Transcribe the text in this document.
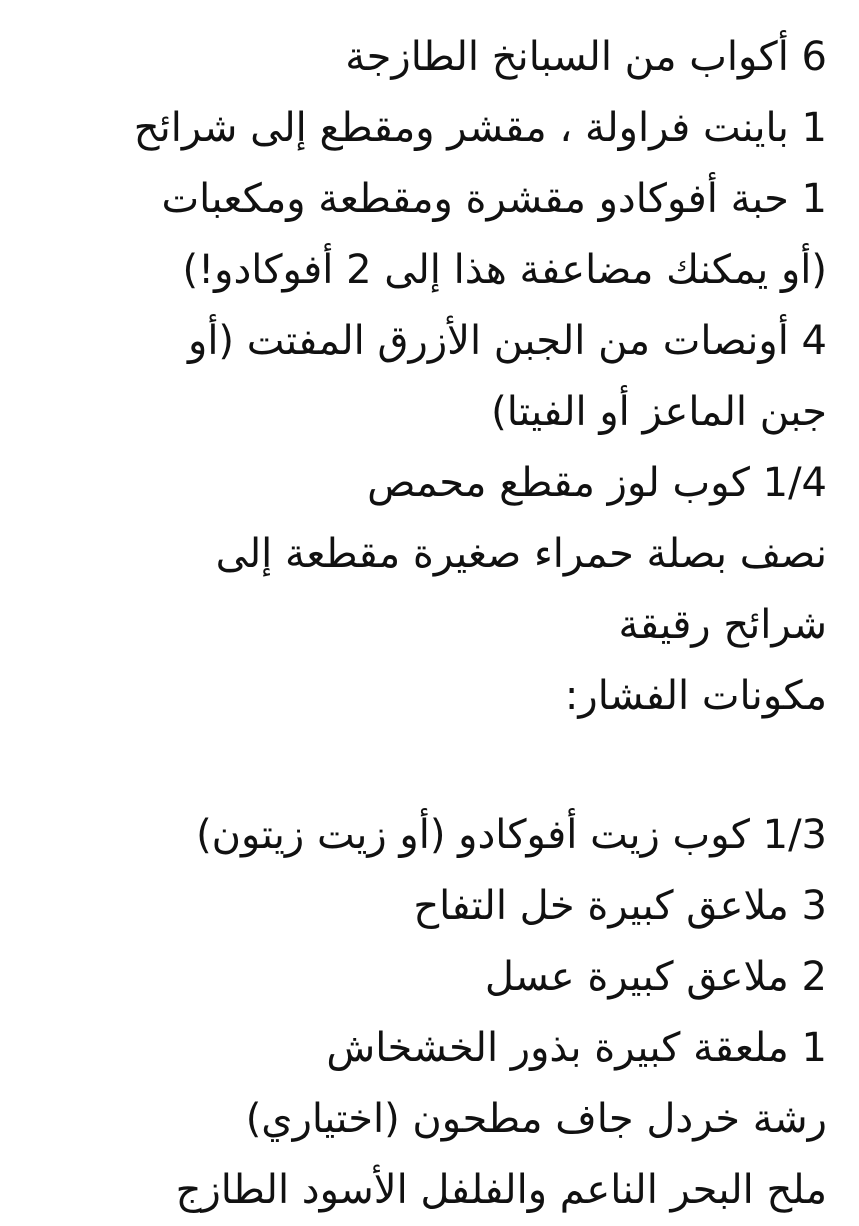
6 أكواب من السبانخ الطازجة
1 باينت فراولة ، مقشر ومقطع إلى شرائح
1 حبة أفوكادو مقشرة ومقطعة ومكعبات
(أو يمكنك مضاعفة هذا إلى 2 أفوكادو!)
4 أونصات من الجبن الأزرق المفتت (أو
جبن الماعز أو الفيتا)
1/4 كوب لوز مقطع محمص
نصف بصلة حمراء صغيرة مقطعة إلى
شرائح رقيقة
مكونات الفشار:
1/3 كوب زيت أفوكادو (أو زيت زيتون)
3 ملاعق كبيرة خل التفاح
2 ملاعق كبيرة عسل
1 ملعقة كبيرة بذور الخشخاش
رشة خردل جاف مطحون (اختياري)
ملح البحر الناعم والفلفل الأسود الطازج
